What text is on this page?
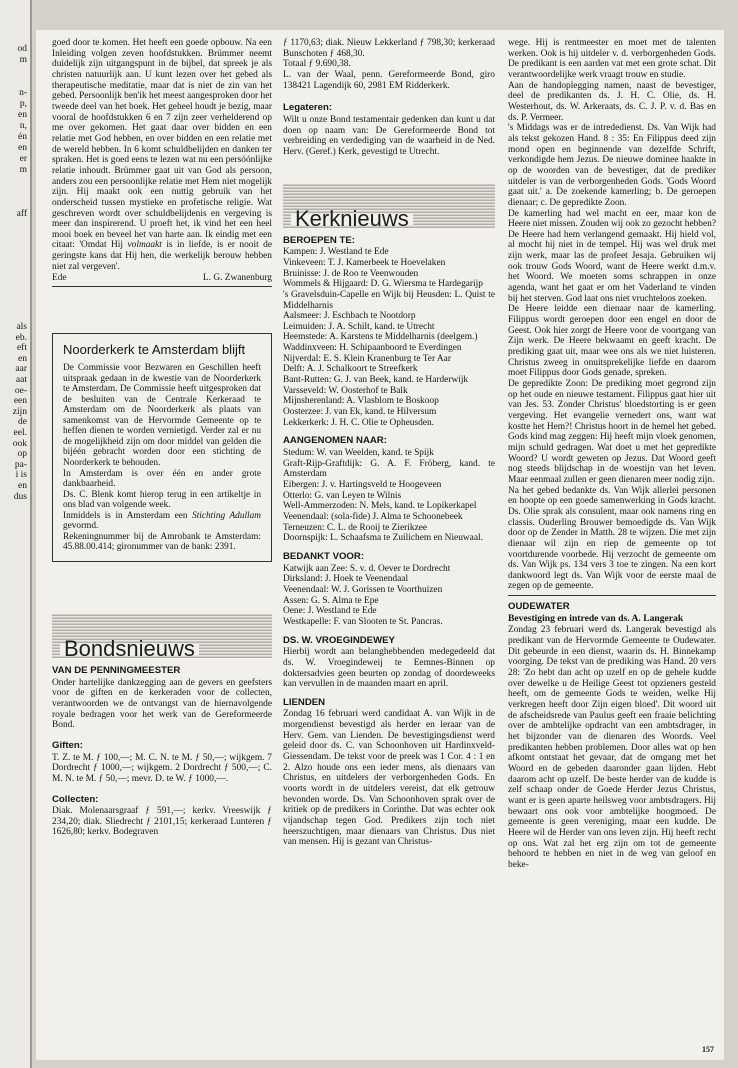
od
m
n-
p,
en
n,
én
en
er
m
aff
als
eb.
eft
en
aar
aat
oe-
een
zijn
de
eel.
ook
op
pa-
i is
en
dus

goed door te komen. Het heeft een goede opbouw. Na een Inleiding volgen zeven hoofdstukken. Brümmer neemt duidelijk zijn uitgangspunt in de bijbel, dat spreek je als christen natuurlijk aan. U kunt lezen over het gebed als therapeutische meditatie, maar dat is niet de zin van het gebed. Persoonlijk ben'ik het meest aangesproken door het tweede deel van het boek. Het geheel houdt je bezig, maar vooral de hoofdstukken 6 en 7 zijn zeer verhelderend op me over gekomen. Het gaat daar over bidden en een relatie met God hebben, en over bidden en een relatie met de wereld hebben. In 6 komt schuldbelijden en danken ter spraken. Het is goed eens te lezen wat nu een persóónlijke relatie inhoudt. Brümmer gaat uit van God als persoon, anders zou een persoonlijke relatie met Hem niet mogelijk zijn. Hij maakt ook een nuttig gebruik van het onderscheid tussen mystieke en profetische religie. Wat geschreven wordt over schuldbelijdenis en vergeving is meer dan inspirerend. U proeft het, ik vind het een heel mooi boek en beveel het van harte aan. Ik eindig met een citaat: 'Omdat Hij volmaakt is in liefde, is er nooit de geringste kans dat Hij hen, die werkelijk berouw hebben niet zal vergeven'.

Ede	L. G. Zwanenburg
Noorderkerk te Amsterdam blijft

De Commissie voor Bezwaren en Geschillen heeft uitspraak gedaan in de kwestie van de Noorderkerk te Amsterdam. De Commissie heeft uitgesproken dat de besluiten van de Centrale Kerkeraad te Amsterdam om de Noorderkerk als plaats van samenkomst van de Hervormde Gemeente op te heffen dienen te worden vernietigd. Verder zal er nu de mogelijkheid zijn om door middel van gelden die bijéén gebracht worden door een stichting de Noorderkerk te behouden.

In Amsterdam is over één en ander grote dankbaarheid.

Ds. C. Blenk komt hierop terug in een artikeltje in ons blad van volgende week.

Inmiddels is in Amsterdam een Stichting Adullam gevormd.

Rekeningnummer bij de Amrobank te Amsterdam: 45.88.00.414; gironummer van de bank: 2391.

Bondsnieuws
VAN DE PENNINGMEESTER

Onder hartelijke dankzegging aan de gevers en geefsters voor de giften en de kerkeraden voor de collecten, verantwoorden we de ontvangst van de hiernavolgende royale bedragen voor het werk van de Gereformeerde Bond.

Giften:

T. Z. te M. ƒ 100,—; M. C. N. te M. ƒ 50,—; wijkgem. 7 Dordrecht ƒ 1000,—; wijkgem. 2 Dordrecht ƒ 500,—; C. M. N. te M. ƒ 50,—; mevr. D. te W. ƒ 1000,—.

Collecten:

Diak. Molenaarsgraaf ƒ 591,—; kerkv. Vreeswijk ƒ 234,20; diak. Sliedrecht ƒ 2101,15; kerkeraad Lunteren ƒ 1626,80; kerkv. Bodegraven

ƒ 1170,63; diak. Nieuw Lekkerland ƒ 798,30; kerkeraad Bunschoten ƒ 468,30.

Totaal ƒ 9.690,38.

L. van der Waal, penn. Gereformeerde Bond, giro 138421 Lagendijk 60, 2981 EM Ridderkerk.

Legateren:

Wilt u onze Bond testamentair gedenken dan kunt u dat doen op naam van: De Gereformeerde Bond tot verbreiding en verdediging van de waarheid in de Ned. Herv. (Geref.) Kerk, gevestigd te Utrecht.

Kerknieuws
BEROEPEN TE:

Kampen: J. Westland te Ede

Vinkeveen: T. J. Kamerbeek te Hoevelaken

Bruinisse: J. de Roo te Veenwouden

Wommels & Hijgaard: D. G. Wiersma te Hardegarijp

's Gravelsduin-Capelle en Wijk bij Heusden: L. Quist te Middelharnis

Aalsmeer: J. Eschbach te Nootdorp

Leimuiden: J. A. Schilt, kand. te Utrecht

Heemstede: A. Karstens te Middelharnis (deelgem.)

Waddinxveen: H. Schipaanboord te Everdingen

Nijverdal: E. S. Klein Kranenburg te Ter Aar

Delft: A. J. Schalkoort te Streefkerk

Bant-Rutten: G. J. van Beek, kand. te Harderwijk

Varsseveld: W. Oosterhof te Balk

Mijnsherenland: A. Vlasblom te Boskoop

Oosterzee: J. van Ek, kand. te Hilversum

Lekkerkerk: J. H. C. Olie te Opheusden.

AANGENOMEN NAAR:

Stedum: W. van Weelden, kand. te Spijk

Graft-Rijp-Graftdijk: G. A. F. Fröberg, kand. te Amsterdam

Eibergen: J. v. Hartingsveld te Hoogeveen

Otterlo: G. van Leyen te Wilnis

Well-Ammerzoden: N. Mels, kand. te Lopikerkapel

Veenendaal: (sola-fide) J. Alma te Schoonebeek

Terneuzen: C. L. de Rooij te Zierikzee

Doornspijk: L. Schaafsma te Zuilichem en Nieuwaal.

BEDANKT VOOR:

Katwijk aan Zee: S. v. d. Oever te Dordrecht

Dirksland: J. Hoek te Veenendaal

Veenendaal: W. J. Gorissen te Voorthuizen

Assen: G. S. Alma te Epe

Oene: J. Westland te Ede

Westkapelle: F. van Slooten te St. Pancras.

DS. W. VROEGINDEWEY

Hierbij wordt aan belanghebbenden medegedeeld dat ds. W. Vroegindeweij te Eemnes-Binnen op doktersadvies geen beurten op zondag of doordeweeks kan vervullen in de maanden maart en april.

LIENDEN

Zondag 16 februari werd candidaat A. van Wijk in de morgendienst bevestigd als herder en leraar van de Herv. Gem. van Lienden. De bevestigingsdienst werd geleid door ds. C. van Schoonhoven uit Hardinxveld-Giessendam. De tekst voor de preek was 1 Cor. 4 : 1 en 2. Alzo houde ons een ieder mens, als dienaars van Christus, en uitdelers der verborgenheden Gods. En voorts wordt in de uitdelers vereist, dat elk getrouw bevonden worde. Ds. Van Schoonhoven sprak over de kritiek op de predikers in Corinthe. Dat was echter ook vijandschap tegen God. Predikers zijn toch niet heerszuchtigen, maar dienaars van Christus. Dus niet van mensen. Hij is gezant van Christus-

wege. Hij is rentmeester en moet met de talenten werken. Ook is hij uitdeler v. d. verborgenheden Gods. De predikant is een aarden vat met een grote schat. Dit verantwoordelijke werk vraagt trouw en studie.

Aan de handoplegging namen, naast de bevestiger, deel de predikanten ds. J. H. C. Olie, ds. H. Westerhout, ds. W. Arkeraats, ds. C. J. P. v. d. Bas en ds. P. Vermeer.

's Middags was er de intrededienst. Ds. Van Wijk had als tekst gekozen Hand. 8 : 35: En Filippus deed zijn mond open en beginnende van dezelfde Schrift, verkondigde hem Jezus. De nieuwe dominee haakte in op de woorden van de bevestiger, dat de prediker uitdeler is van de verborgenheden Gods. 'Gods Woord gaat uit.' a. De zoekende kamerling; b. De geroepen dienaar; c. De gepredikte Zoon.

De kamerling had wel macht en eer, maar kon de Heere niet missen. Zouden wij ook zo gezocht hebben? De Heere had hem verlangend gemaakt. Hij hield vol, al mocht hij niet in de tempel. Hij was wel druk met zijn werk, maar las de profeet Jesaja. Gebruiken wij ook trouw Gods Woord, want de Heere werkt d.m.v. het Woord. We moeten soms schrappen in onze agenda, want het gaat er om het Vaderland te vinden bij het sterven. God laat ons niet vruchteloos zoeken.

De Heere leidde een dienaar naar de kamerling. Filippus wordt geroepen door een engel en door de Geest. Ook hier zorgt de Heere voor de voortgang van Zijn werk. De Heere bekwaamt en geeft kracht. De prediking gaat uit, maar wee ons als we niet luisteren. Christus zweeg in onuitsprekelijke liefde en daarom moet Filippus door Gods genade, spreken.

De gepredikte Zoon: De prediking moet gegrond zijn op het oude en nieuwe testament. Filippus gaat hier uit van Jes. 53. Zonder Christus' bloedstorting is er geen vergeving. Het evangelie vernedert ons, want wat kostte het Hem?! Christus hoort in de hemel het gebed. Gods kind mag zeggen: Hij heeft mijn vloek genomen, mijn schuld gedragen. Wat doet u met het gepredikte Woord? U wordt geweten op Jezus. Dat Woord geeft nog steeds blijdschap in de woestijn van het leven. Maar eenmaal zullen er geen dienaren meer nodig zijn.

Na het gebed bedankte ds. Van Wijk allerlei personen en hoopte op een goede samenwerking in Gods kracht. Ds. Olie sprak als consulent, maar ook namens ring en classis. Ouderling Brouwer bemoedigde ds. Van Wijk door op de Zender in Matth. 28 te wijzen. Die met zijn dienaar wil zijn en riep de gemeente op tot voortdurende voorbede. Hij verzocht de gemeente om ds. Van Wijk ps. 134 vers 3 toe te zingen. Na een kort dankwoord legt ds. Van Wijk voor de eerste maal de zegen op de gemeente.

OUDEWATER
Bevestiging en intrede van ds. A. Langerak

Zondag 23 februari werd ds. Langerak bevestigd als predikant van de Hervormde Gemeente te Oudewater. Dit gebeurde in een dienst, waarin ds. H. Binnekamp voorging. De tekst van de prediking was Hand. 20 vers 28: 'Zo hebt dan acht op uzelf en op de gehele kudde over dewelke u de Heilige Geest tot opzieners gesteld heeft, om de gemeente Gods te weiden, welke Hij verkregen heeft door Zijn eigen bloed'. Dit woord uit de afscheidsrede van Paulus geeft een fraaie belichting over de ambtelijke opdracht van een ambtsdrager, in het bijzonder van de dienaren des Woords. Veel predikanten hebben problemen. Door alles wat op hen afkomt ontstaat het gevaar, dat de omgang met het Woord en de gebeden daaronder gaan lijden. Hebt daarom acht op uzelf. De beste herder van de kudde is zelf schaap onder de Goede Herder Jezus Christus, want er is geen aparte heilsweg voor ambtsdragers. Hij bewaart ons ook voor ambtelijke hoogmoed. De gemeente is geen vereniging, maar een kudde. De Heere wil de Herder van ons leven zijn. Hij heeft recht op ons. Wat zal het erg zijn om tot de gemeente behoord te hebben en niet in de weg van geloof en beke-

157
